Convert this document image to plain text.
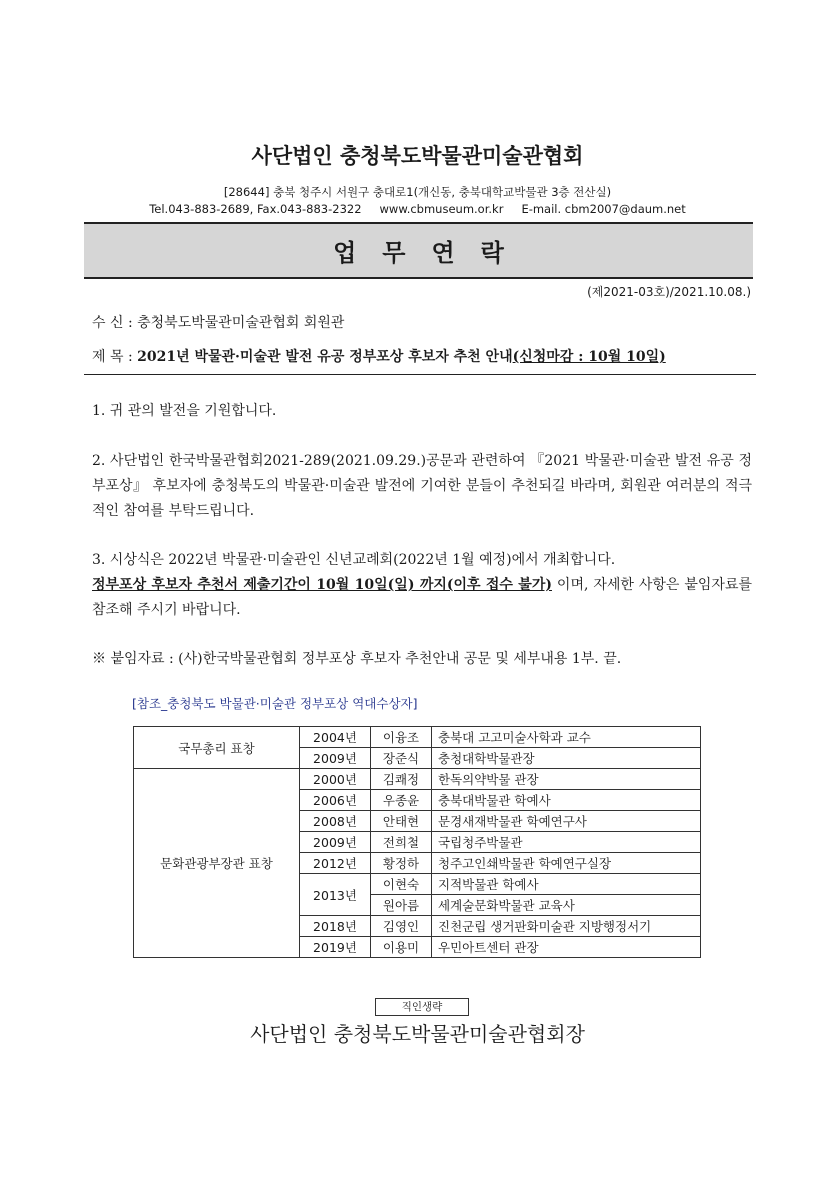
사단법인 충청북도박물관미술관협회
[28644] 충북 청주시 서원구 충대로1(개신동, 충북대학교박물관 3층 전산실)
Tel.043-883-2689, Fax.043-883-2322 www.cbmuseum.or.kr E-mail. cbm2007@daum.net
업무연락
(제2021-03호)/2021.10.08.)
수 신 : 충청북도박물관미술관협회 회원관
제 목 : 2021년 박물관·미술관 발전 유공 정부포상 후보자 추천 안내(신청마감 : 10월 10일)
1. 귀 관의 발전을 기원합니다.
2. 사단법인 한국박물관협회2021-289(2021.09.29.)공문과 관련하여 『2021 박물관·미술관 발전 유공 정부포상』 후보자에 충청북도의 박물관·미술관 발전에 기여한 분들이 추천되길 바라며, 회원관 여러분의 적극적인 참여를 부탁드립니다.
3. 시상식은 2022년 박물관·미술관인 신년교례회(2022년 1월 예정)에서 개최합니다.
정부포상 후보자 추천서 제출기간이 10월 10일(일) 까지(이후 접수 불가) 이며, 자세한 사항은 붙임자료를 참조해 주시기 바랍니다.
※ 붙임자료 : (사)한국박물관협회 정부포상 후보자 추천안내 공문 및 세부내용 1부. 끝.
[참조_충청북도 박물관·미술관 정부포상 역대수상자]
국무총리 표창	2004년	이융조	충북대 고고미술사학과 교수
	2009년	장준식	충청대학박물관장
문화관광부장관 표창	2000년	김쾌정	한독의약박물 관장
	2006년	우종윤	충북대박물관 학예사
	2008년	안태현	문경새재박물관 학예연구사
	2009년	전희철	국립청주박물관
	2012년	황정하	청주고인쇄박물관 학예연구실장
	2013년	이현숙	지적박물관 학예사
		원아름	세계술문화박물관 교육사
	2018년	김영인	진천군립 생거판화미술관 지방행정서기
	2019년	이용미	우민아트센터 관장
직인생략
사단법인 충청북도박물관미술관협회장
